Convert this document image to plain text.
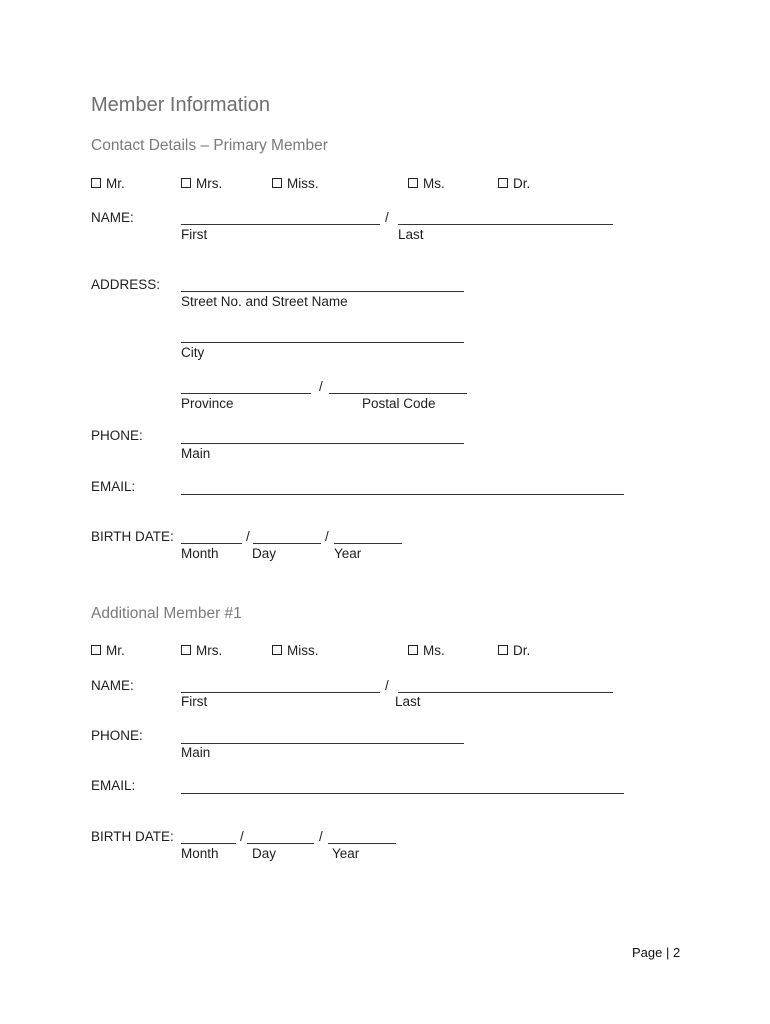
Member Information
Contact Details – Primary Member
Mr.	Mrs.	Miss.	Ms.	Dr.
NAME:	/
First	Last
ADDRESS:
Street No. and Street Name
City
/
Province	Postal Code
PHONE:
Main
EMAIL:
BIRTH DATE:	/	/
Month Day	Year
Additional Member #1
Mr.	Mrs.	Miss.	Ms.	Dr.
NAME:	/
First	Last
PHONE:
Main
EMAIL:
BIRTH DATE:	/	/
Month Day	Year
Page | 2
